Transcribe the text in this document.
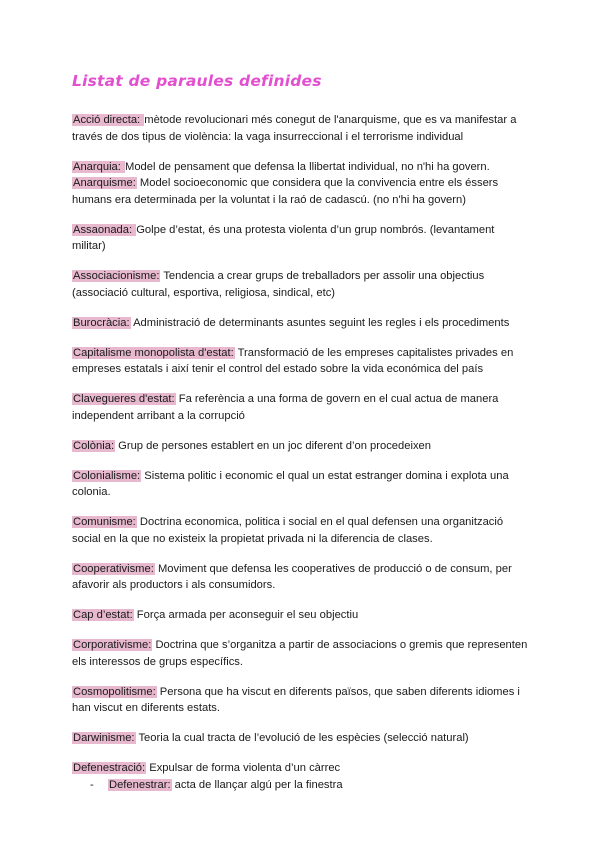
Listat de paraules definides
Acció directa: mètode revolucionari més conegut de l'anarquisme, que es va manifestar a través de dos tipus de violència: la vaga insurreccional i el terrorisme individual
Anarquia: Model de pensament que defensa la llibertat individual, no n'hi ha govern.
Anarquisme: Model socioeconomic que considera que la convivencia entre els éssers humans era determinada per la voluntat i la raó de cadascú. (no n'hi ha govern)
Assaonada: Golpe d’estat, és una protesta violenta d’un grup nombrós. (levantament militar)
Associacionisme: Tendencia a crear grups de treballadors per assolir una objectius (associació cultural, esportiva, religiosa, sindical, etc)
Burocràcia: Administració de determinants asuntes seguint les regles i els procediments
Capitalisme monopolista d'estat: Transformació de les empreses capitalistes privades en empreses estatals i així tenir el control del estado sobre la vida económica del país
Clavegueres d'estat: Fa referència a una forma de govern en el cual actua de manera independent arribant a la corrupció
Colònia: Grup de persones establert en un joc diferent d’on procedeixen
Colonialisme: Sistema politic i economic el qual un estat estranger domina i explota una colonia.
Comunisme: Doctrina economica, politica i social en el qual defensen una organització social en la que no existeix la propietat privada ni la diferencia de clases.
Cooperativisme: Moviment que defensa les cooperatives de producció o de consum, per afavorir als productors i als consumidors.
Cap d’estat: Força armada per aconseguir el seu objectiu
Corporativisme: Doctrina que s’organitza a partir de associacions o gremis que representen els interessos de grups específics.
Cosmopolitisme: Persona que ha viscut en diferents països, que saben diferents idiomes i han viscut en diferents estats.
Darwinisme: Teoria la cual tracta de l’evolució de les espècies (selecció natural)
Defenestració: Expulsar de forma violenta d’un càrrec
-	Defenestrar: acta de llançar algú per la finestra
